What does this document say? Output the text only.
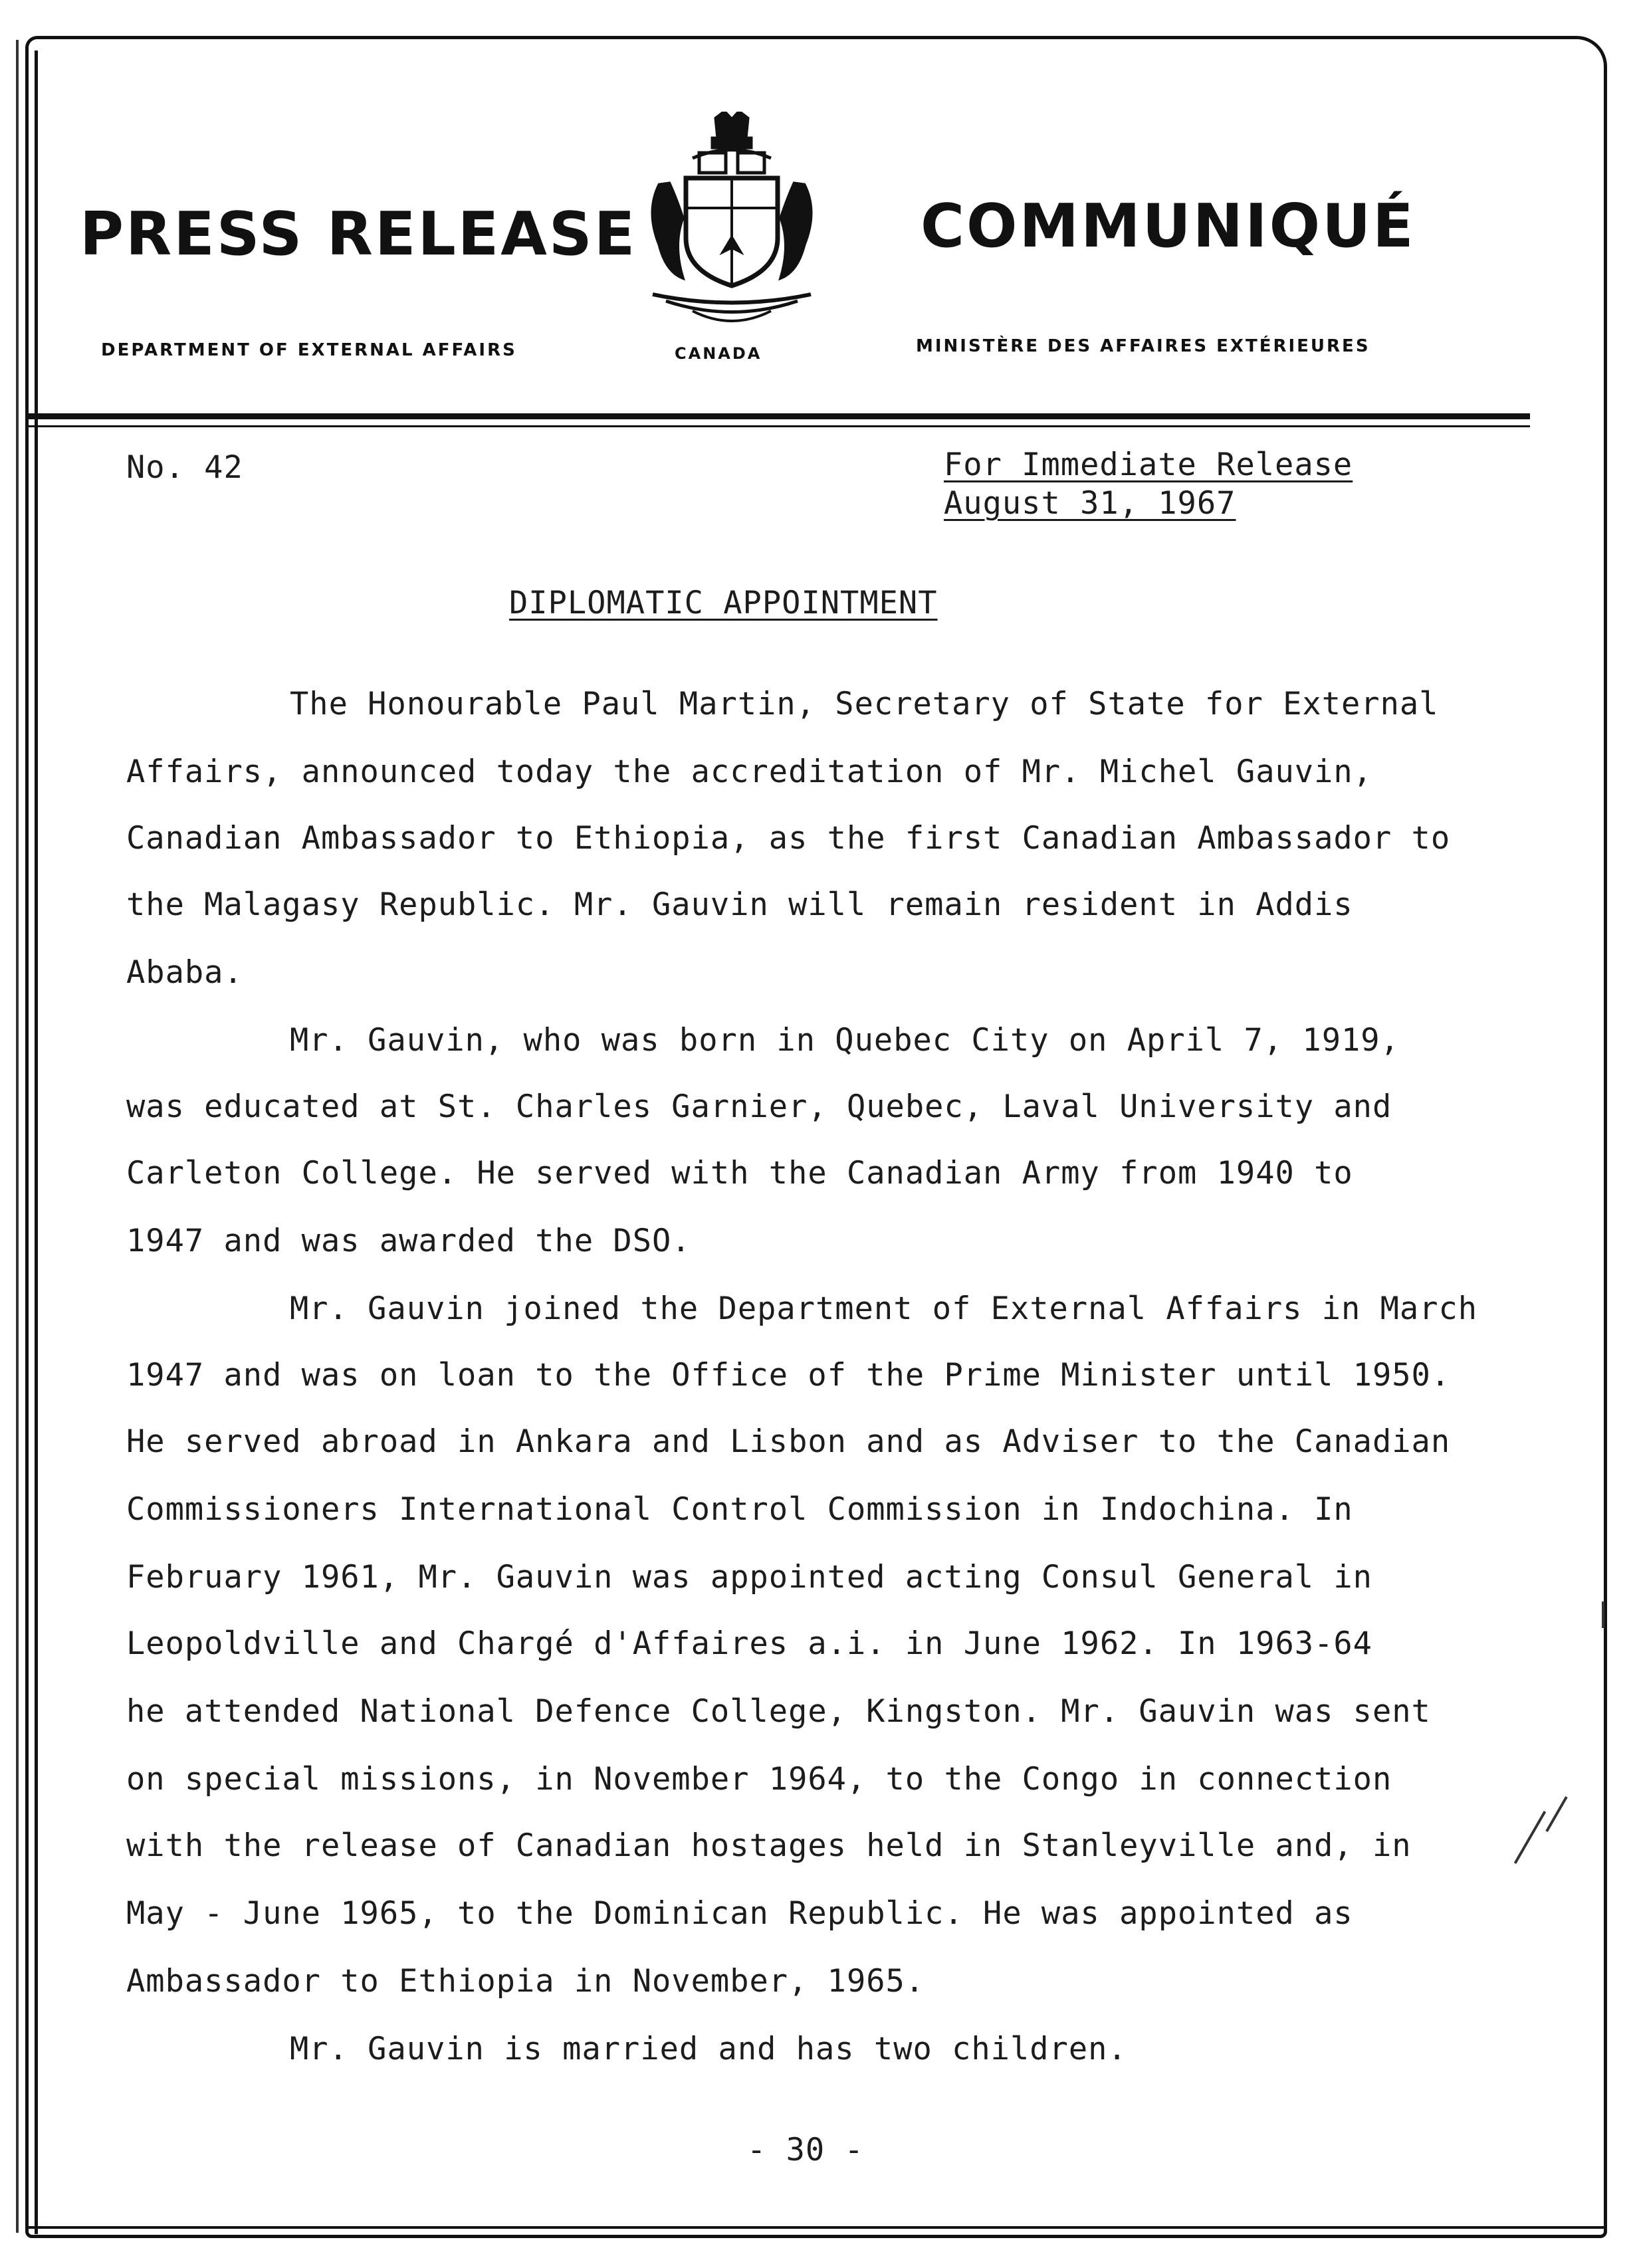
PRESS RELEASE	COMMUNIQUÉ
DEPARTMENT OF EXTERNAL AFFAIRS	CANADA	MINISTÈRE DES AFFAIRES EXTÉRIEURES
No. 42	For Immediate Release
August 31, 1967
DIPLOMATIC APPOINTMENT
The Honourable Paul Martin, Secretary of State for External
Affairs, announced today the accreditation of Mr. Michel Gauvin,
Canadian Ambassador to Ethiopia, as the first Canadian Ambassador to
the Malagasy Republic. Mr. Gauvin will remain resident in Addis
Ababa.
Mr. Gauvin, who was born in Quebec City on April 7, 1919,
was educated at St. Charles Garnier, Quebec, Laval University and
Carleton College. He served with the Canadian Army from 1940 to
1947 and was awarded the DSO.
Mr. Gauvin joined the Department of External Affairs in March
1947 and was on loan to the Office of the Prime Minister until 1950.
He served abroad in Ankara and Lisbon and as Adviser to the Canadian
Commissioners International Control Commission in Indochina. In
February 1961, Mr. Gauvin was appointed acting Consul General in
Leopoldville and Chargé d'Affaires a.i. in June 1962. In 1963-64
he attended National Defence College, Kingston. Mr. Gauvin was sent
on special missions, in November 1964, to the Congo in connection
with the release of Canadian hostages held in Stanleyville and, in
May - June 1965, to the Dominican Republic. He was appointed as
Ambassador to Ethiopia in November, 1965.
Mr. Gauvin is married and has two children.
- 30 -
